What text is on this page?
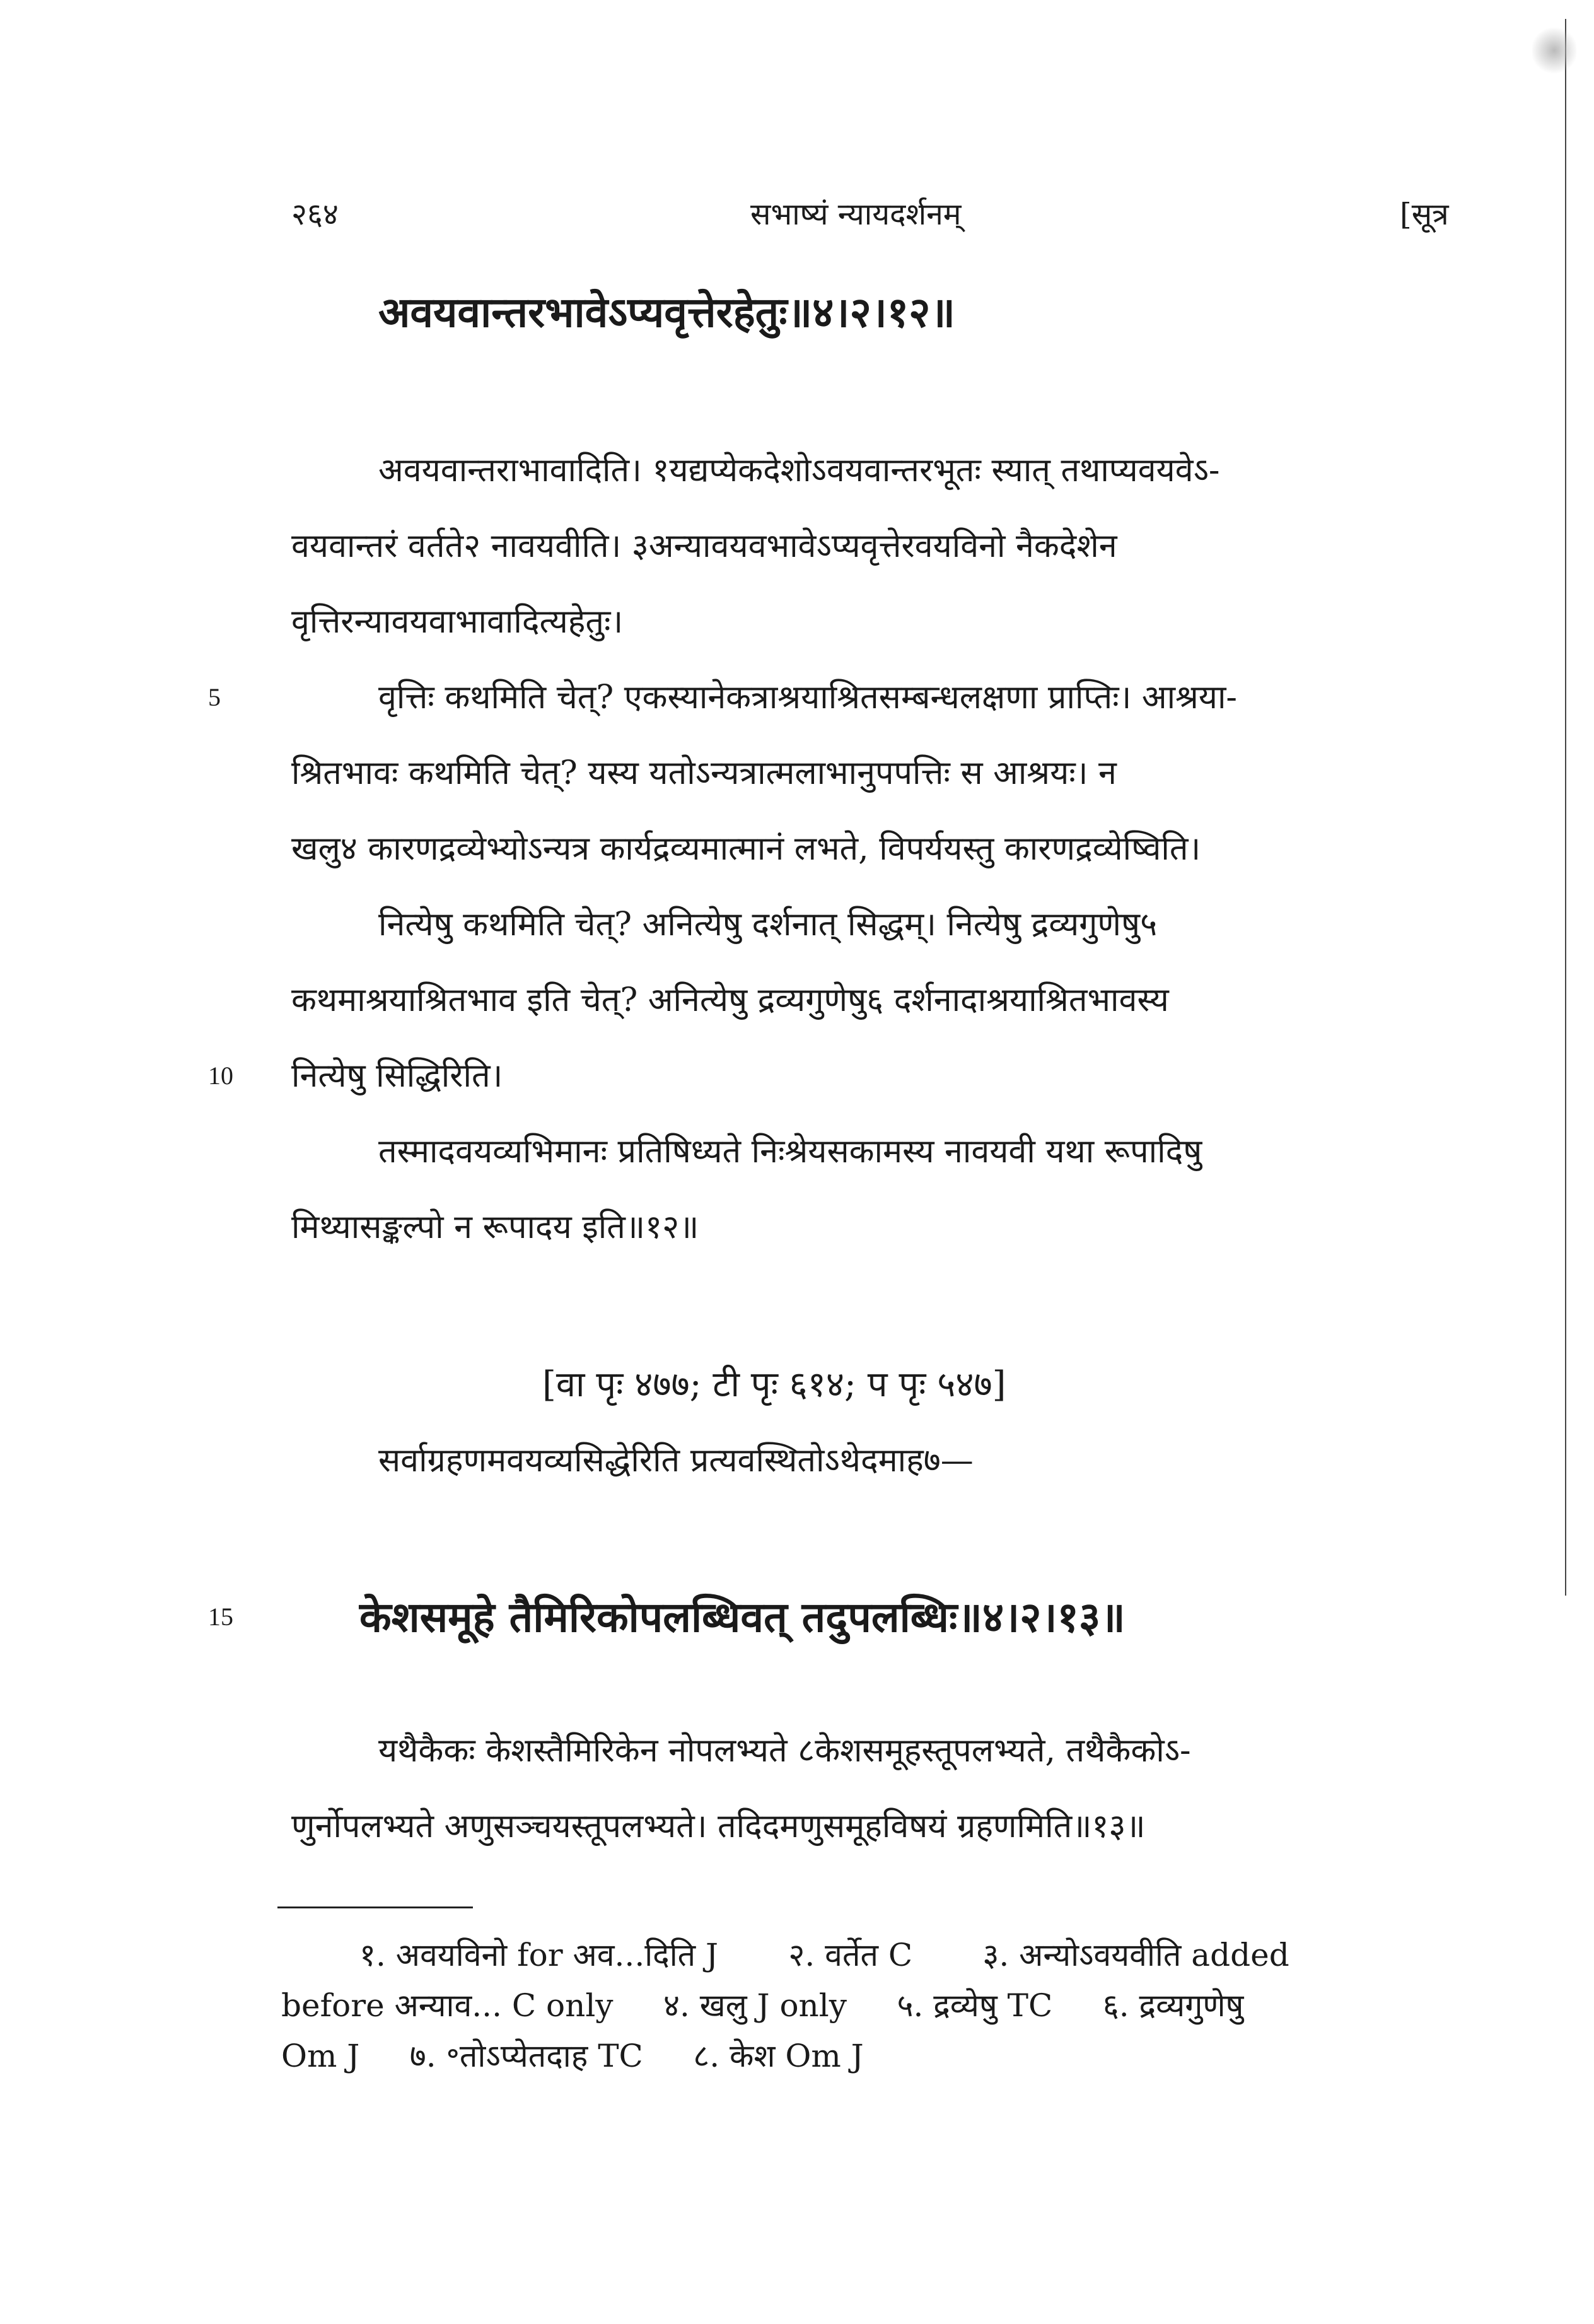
२६४	सभाष्यं न्यायदर्शनम्	[सूत्र
अवयवान्तरभावेऽप्यवृत्तेरहेतुः॥४।२।१२॥
अवयवान्तराभावादिति। १यद्यप्येकदेशोऽवयवान्तरभूतः स्यात् तथाप्यवयवेऽ-
वयवान्तरं वर्तते२ नावयवीति। ३अन्यावयवभावेऽप्यवृत्तेरवयविनो नैकदेशेन
वृत्तिरन्यावयवाभावादित्यहेतुः।
5	वृत्तिः कथमिति चेत्? एकस्यानेकत्राश्रयाश्रितसम्बन्धलक्षणा प्राप्तिः। आश्रया-
श्रितभावः कथमिति चेत्? यस्य यतोऽन्यत्रात्मलाभानुपपत्तिः स आश्रयः। न
खलु४ कारणद्रव्येभ्योऽन्यत्र कार्यद्रव्यमात्मानं लभते, विपर्ययस्तु कारणद्रव्येष्विति।
नित्येषु कथमिति चेत्? अनित्येषु दर्शनात् सिद्धम्। नित्येषु द्रव्यगुणेषु५
कथमाश्रयाश्रितभाव इति चेत्? अनित्येषु द्रव्यगुणेषु६ दर्शनादाश्रयाश्रितभावस्य
10 नित्येषु सिद्धिरिति।
तस्मादवयव्यभिमानः प्रतिषिध्यते निःश्रेयसकामस्य नावयवी यथा रूपादिषु
मिथ्यासङ्कल्पो न रूपादय इति॥१२॥
[वा पृः ४७७; टी पृः ६१४; प पृः ५४७]
सर्वाग्रहणमवयव्यसिद्धेरिति प्रत्यवस्थितोऽथेदमाह७—
15	केशसमूहे तैमिरिकोपलब्धिवत् तदुपलब्धिः॥४।२।१३॥
यथैकैकः केशस्तैमिरिकेन नोपलभ्यते ८केशसमूहस्तूपलभ्यते, तथैकैकोऽ-
णुर्नोपलभ्यते अणुसञ्चयस्तूपलभ्यते। तदिदमणुसमूहविषयं ग्रहणमिति॥१३॥
१. अवयविनो for अव...दिति J       २. वर्तेत C       ३. अन्योऽवयवीति added
before अन्याव... C only     ४. खलु J only     ५. द्रव्येषु TC     ६. द्रव्यगुणेषु
Om J     ७. ॰तोऽप्येतदाह TC     ८. केश Om J
